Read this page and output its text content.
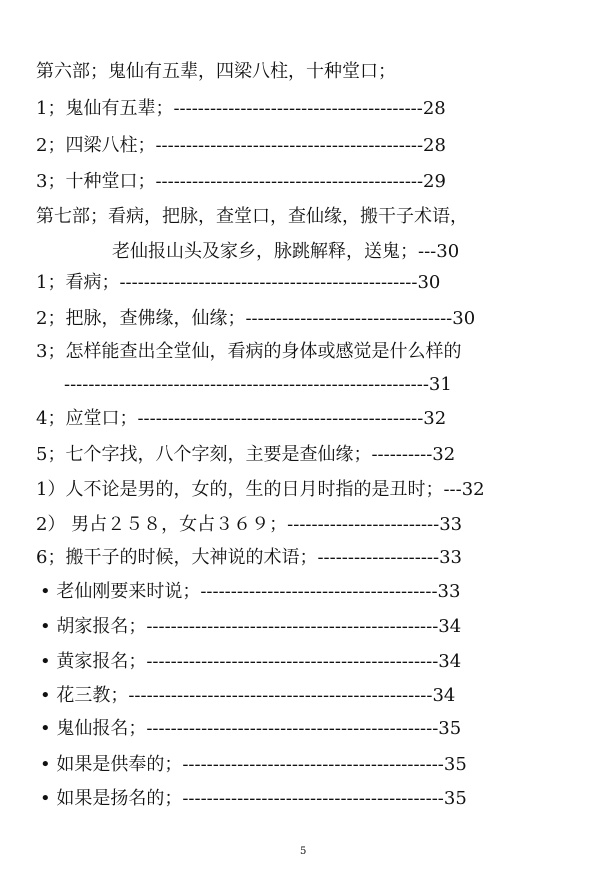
第六部；鬼仙有五辈，四梁八柱，十种堂口；
1；鬼仙有五辈；-----------------------------------------28
2；四梁八柱；--------------------------------------------28
3；十种堂口；--------------------------------------------29
第七部；看病，把脉，查堂口，查仙缘，搬干子术语，
老仙报山头及家乡，脉跳解释，送鬼；---30
1；看病；-------------------------------------------------30
2；把脉，查佛缘，仙缘；----------------------------------30
3；怎样能查出全堂仙，看病的身体或感觉是什么样的
------------------------------------------------------------31
4；应堂口；-----------------------------------------------32
5；七个字找，八个字刻，主要是查仙缘；----------32
1）人不论是男的，女的，生的日月时指的是丑时；---32
2） 男占２５８，女占３６９；-------------------------33
6；搬干子的时候，大神说的术语；--------------------33
• 老仙刚要来时说；---------------------------------------33
• 胡家报名；------------------------------------------------34
• 黄家报名；------------------------------------------------34
• 花三教；--------------------------------------------------34
• 鬼仙报名；------------------------------------------------35
• 如果是供奉的；-------------------------------------------35
• 如果是扬名的；-------------------------------------------35
5
